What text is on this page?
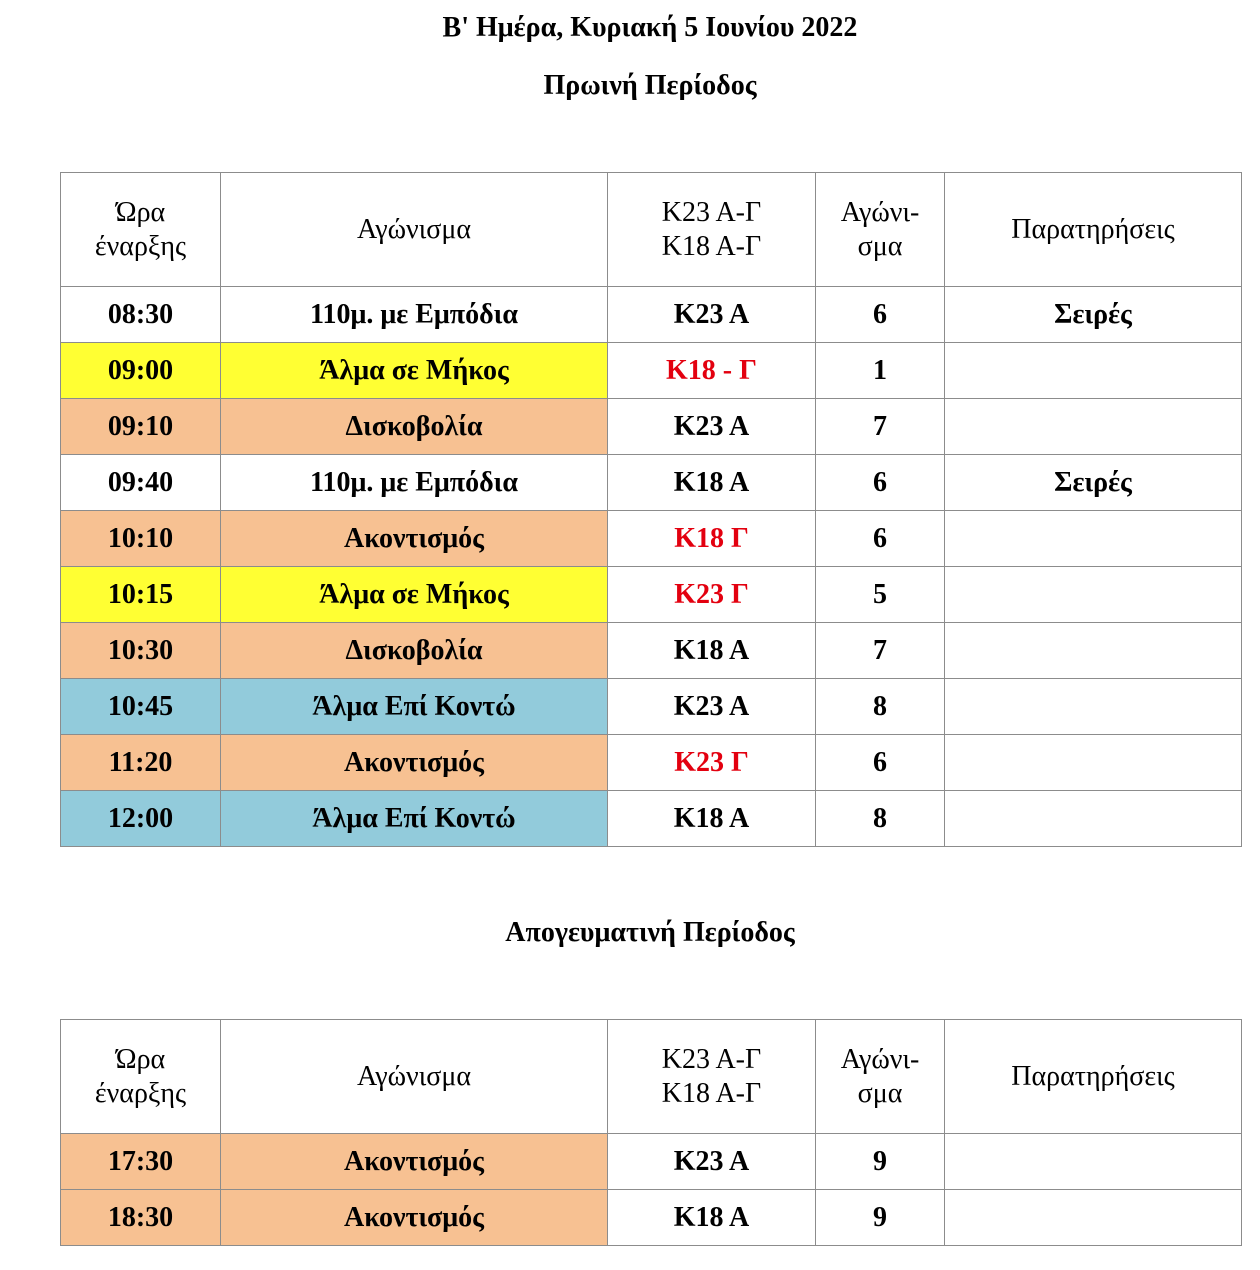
Β' Ημέρα, Κυριακή 5 Ιουνίου 2022
Πρωινή Περίοδος
Ώρα
έναρξης	Αγώνισμα	Κ23 Α-Γ
Κ18 Α-Γ	Αγώνι-
σμα	Παρατηρήσεις
08:30	110μ. με Εμπόδια	Κ23 Α	6	Σειρές
09:00	Άλμα σε Μήκος	Κ18 - Γ	1	
09:10	Δισκοβολία	Κ23 Α	7	
09:40	110μ. με Εμπόδια	Κ18 Α	6	Σειρές
10:10	Ακοντισμός	Κ18 Γ	6	
10:15	Άλμα σε Μήκος	Κ23 Γ	5	
10:30	Δισκοβολία	Κ18 Α	7	
10:45	Άλμα Επί Κοντώ	Κ23 Α	8	
11:20	Ακοντισμός	Κ23 Γ	6	
12:00	Άλμα Επί Κοντώ	Κ18 Α	8	
Απογευματινή Περίοδος
Ώρα
έναρξης	Αγώνισμα	Κ23 Α-Γ
Κ18 Α-Γ	Αγώνι-
σμα	Παρατηρήσεις
17:30	Ακοντισμός	Κ23 Α	9	
18:30	Ακοντισμός	Κ18 Α	9	
